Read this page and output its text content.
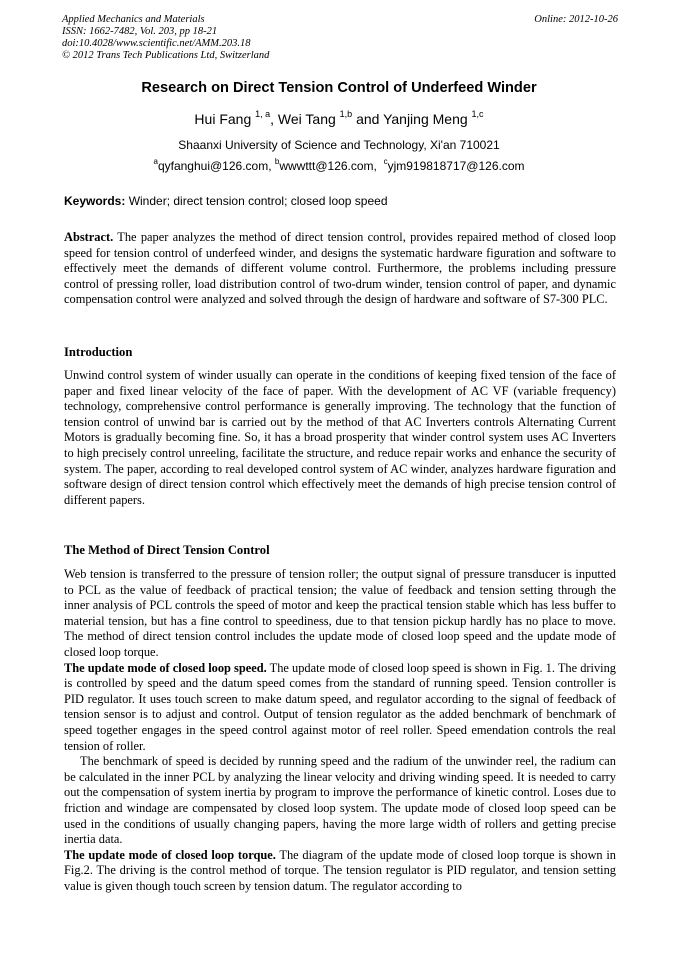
Applied Mechanics and Materials
ISSN: 1662-7482, Vol. 203, pp 18-21
doi:10.4028/www.scientific.net/AMM.203.18
© 2012 Trans Tech Publications Ltd, Switzerland
Online: 2012-10-26
Research on Direct Tension Control of Underfeed Winder
Hui Fang $^{1, a}$, Wei Tang $^{1,b}$ and Yanjing Meng $^{1,c}$
Shaanxi University of Science and Technology, Xi'an 710021
$^a$qyfanghui@126.com, $^b$wwwttt@126.com, $^c$yjm919818717@126.com
Keywords: Winder; direct tension control; closed loop speed

Abstract. The paper analyzes the method of direct tension control, provides repaired method of closed loop speed for tension control of underfeed winder, and designs the systematic hardware figuration and software to effectively meet the demands of different volume control. Furthermore, the problems including pressure control of pressing roller, load distribution control of two-drum winder, tension control of paper, and dynamic compensation control were analyzed and solved through the design of hardware and software of S7-300 PLC.

Introduction

Unwind control system of winder usually can operate in the conditions of keeping fixed tension of the face of paper and fixed linear velocity of the face of paper. With the development of AC VF (variable frequency) technology, comprehensive control performance is generally improving. The technology that the function of tension control of unwind bar is carried out by the method of that AC Inverters controls Alternating Current Motors is gradually becoming fine. So, it has a broad prosperity that winder control system uses AC Inverters to high precisely control unreeling, facilitate the structure, and reduce repair works and enhance the security of system. The paper, according to real developed control system of AC winder, analyzes hardware figuration and software design of direct tension control which effectively meet the demands of high precise tension control of different papers.

The Method of Direct Tension Control

Web tension is transferred to the pressure of tension roller; the output signal of pressure transducer is inputted to PCL as the value of feedback of practical tension; the value of feedback and tension setting through the inner analysis of PCL controls the speed of motor and keep the practical tension stable which has less buffer to material tension, but has a fine control to speediness, due to that tension pickup hardly has no place to move. The method of direct tension control includes the update mode of closed loop speed and the update mode of closed loop torque.

The update mode of closed loop speed. The update mode of closed loop speed is shown in Fig. 1. The driving is controlled by speed and the datum speed comes from the standard of running speed. Tension controller is PID regulator. It uses touch screen to make datum speed, and regulator according to the signal of feedback of tension sensor is to adjust and control. Output of tension regulator as the added benchmark of benchmark of speed together engages in the speed control against motor of reel roller. Speed emendation controls the real tension of roller.

The benchmark of speed is decided by running speed and the radium of the unwinder reel, the radium can be calculated in the inner PCL by analyzing the linear velocity and driving winding speed. It is needed to carry out the compensation of system inertia by program to improve the performance of kinetic control. Loses due to friction and windage are compensated by closed loop system. The update mode of closed loop speed can be used in the conditions of usually changing papers, having the more large width of rollers and getting precise inertia data.

The update mode of closed loop torque. The diagram of the update mode of closed loop torque is shown in Fig.2. The driving is the control method of torque. The tension regulator is PID regulator, and tension setting value is given though touch screen by tension datum. The regulator according to
